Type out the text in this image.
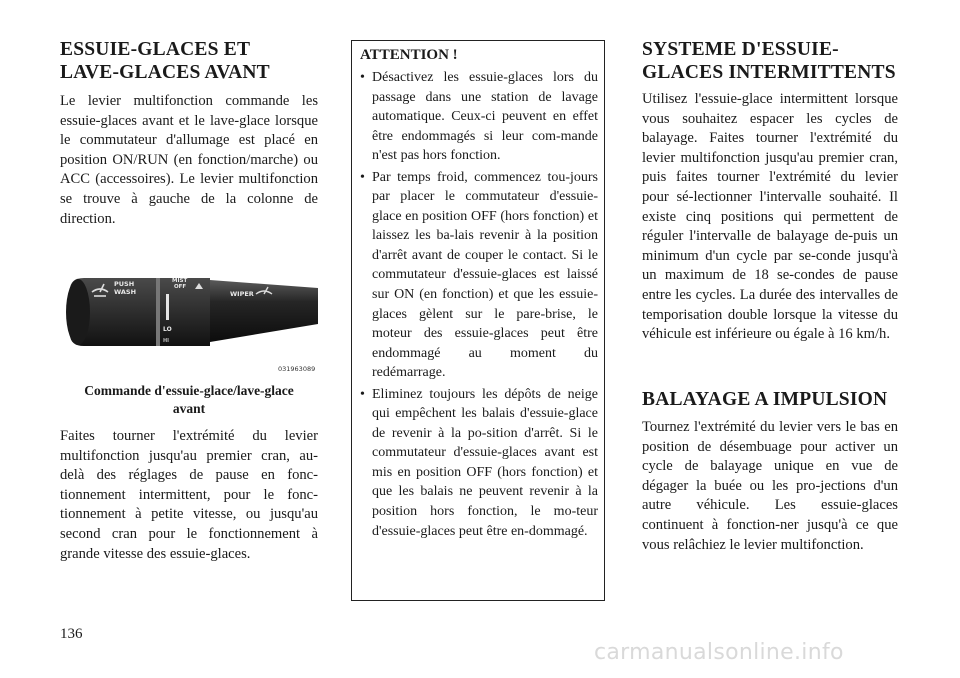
ESSUIE-GLACES ET
LAVE-GLACES AVANT

Le levier multifonction commande les essuie-glaces avant et le lave-glace lorsque le commutateur d'allumage est placé en position ON/RUN (en fonction/marche) ou ACC (accessoires). Le levier multifonction se trouve à gauche de la colonne de direction.

031963089
PUSH
WASH
MIST
OFF
WIPER
LO
HI
Commande d'essuie-glace/lave-glace
avant

Faites tourner l'extrémité du levier multifonction jusqu'au premier cran, au-delà des réglages de pause en fonc-tionnement intermittent, pour le fonc-tionnement à petite vitesse, ou jusqu'au second cran pour le fonctionnement à grande vitesse des essuie-glaces.

ATTENTION !
• Désactivez les essuie-glaces lors du passage dans une station de lavage automatique. Ceux-ci peuvent en effet être endommagés si leur com-mande n'est pas hors fonction.
• Par temps froid, commencez tou-jours par placer le commutateur d'essuie-glace en position OFF (hors fonction) et laissez les ba-lais revenir à la position d'arrêt avant de couper le contact. Si le commutateur d'essuie-glaces est laissé sur ON (en fonction) et que les essuie-glaces gèlent sur le pare-brise, le moteur des essuie-glaces peut être endommagé au moment du redémarrage.
• Eliminez toujours les dépôts de neige qui empêchent les balais d'essuie-glace de revenir à la po-sition d'arrêt. Si le commutateur d'essuie-glaces avant est mis en position OFF (hors fonction) et que les balais ne peuvent revenir à la position hors fonction, le mo-teur d'essuie-glaces peut être en-dommagé.
SYSTEME D'ESSUIE-
GLACES INTERMITTENTS

Utilisez l'essuie-glace intermittent lorsque vous souhaitez espacer les cycles de balayage. Faites tourner l'extrémité du levier multifonction jusqu'au premier cran, puis faites tourner l'extrémité du levier pour sé-lectionner l'intervalle souhaité. Il existe cinq positions qui permettent de réguler l'intervalle de balayage de-puis un minimum d'un cycle par se-conde jusqu'à un maximum de 18 se-condes de pause entre les cycles. La durée des intervalles de temporisation double lorsque la vitesse du véhicule est inférieure ou égale à 16 km/h.

BALAYAGE A IMPULSION

Tournez l'extrémité du levier vers le bas en position de désembuage pour activer un cycle de balayage unique en vue de dégager la buée ou les pro-jections d'un autre véhicule. Les essuie-glaces continuent à fonction-ner jusqu'à ce que vous relâchiez le levier multifonction.

136
carmanualsonline.info
